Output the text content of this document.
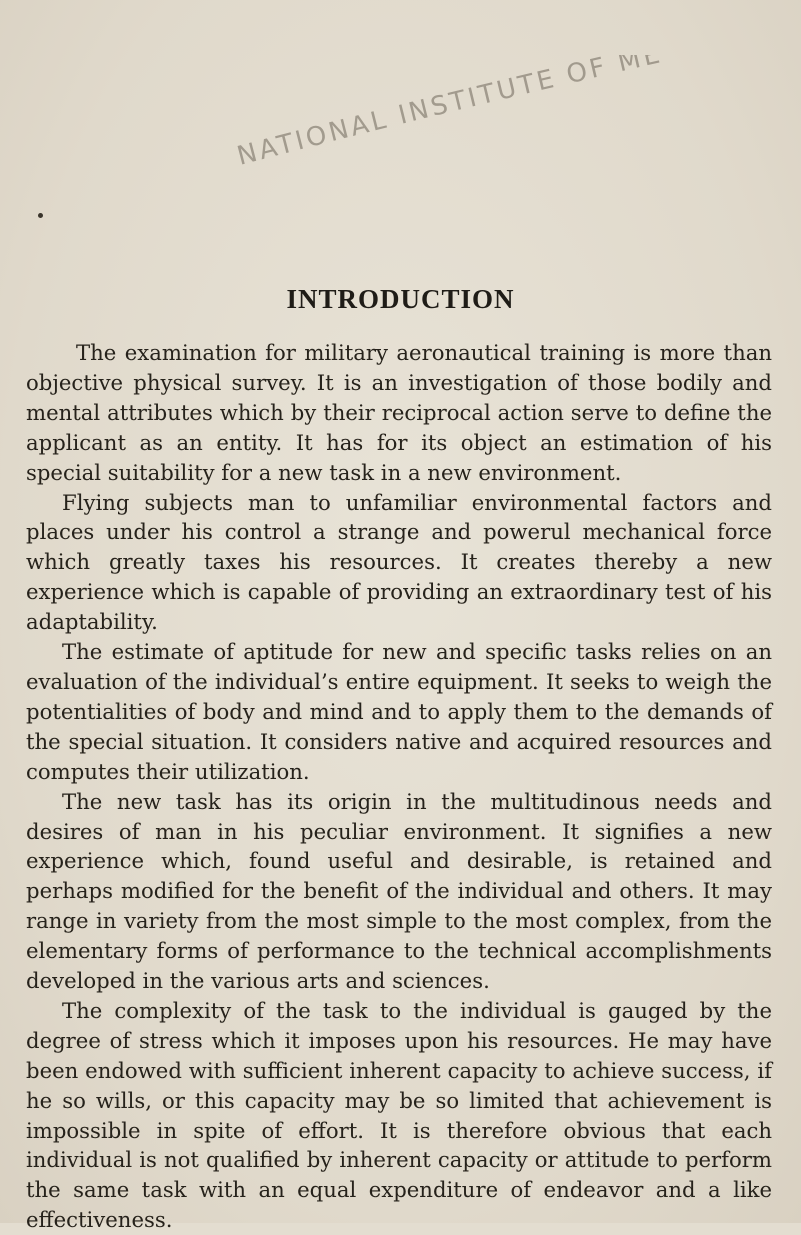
NATIONAL INSTITUTE OF ME
INTRODUCTION

The examination for military aeronautical training is more than objective physical survey. It is an investigation of those bodily and mental attributes which by their reciprocal action serve to define the applicant as an entity. It has for its object an estimation of his special suitability for a new task in a new environment.

Flying subjects man to unfamiliar environmental factors and places under his control a strange and powerul mechanical force which greatly taxes his resources. It creates thereby a new experience which is capable of providing an extraordinary test of his adaptability.

The estimate of aptitude for new and specific tasks relies on an evaluation of the individual’s entire equipment. It seeks to weigh the potentialities of body and mind and to apply them to the demands of the special situation. It considers native and acquired resources and computes their utilization.

The new task has its origin in the multitudinous needs and desires of man in his peculiar environment. It signifies a new experience which, found useful and desirable, is retained and perhaps modified for the benefit of the individual and others. It may range in variety from the most simple to the most complex, from the elementary forms of performance to the technical accomplishments developed in the various arts and sciences.

The complexity of the task to the individual is gauged by the degree of stress which it imposes upon his resources. He may have been endowed with sufficient inherent capacity to achieve success, if he so wills, or this capacity may be so limited that achievement is impossible in spite of effort. It is therefore obvious that each individual is not qualified by inherent capacity or attitude to perform the same task with an equal expenditure of endeavor and a like effectiveness.
